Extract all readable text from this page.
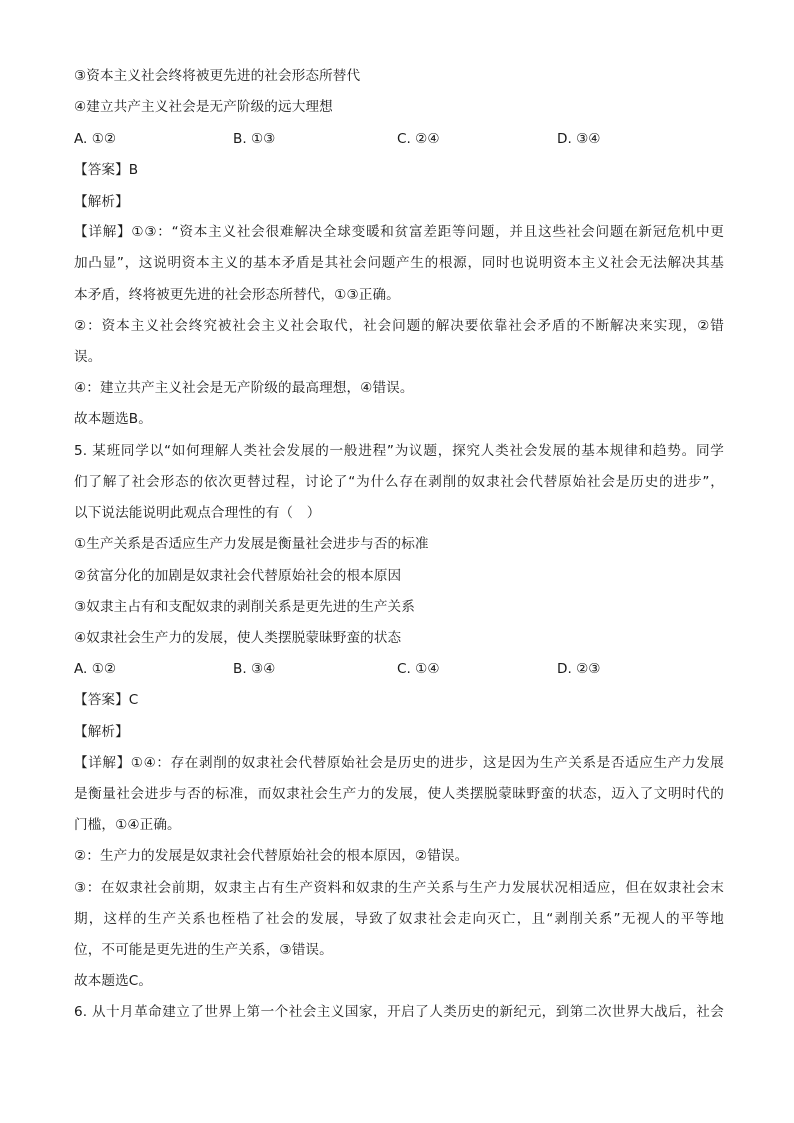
③资本主义社会终将被更先进的社会形态所替代
④建立共产主义社会是无产阶级的远大理想
A. ①②	B. ①③	C. ②④	D. ③④
【答案】B
【解析】
【详解】①③：“资本主义社会很难解决全球变暖和贫富差距等问题，并且这些社会问题在新冠危机中更
加凸显”，这说明资本主义的基本矛盾是其社会问题产生的根源，同时也说明资本主义社会无法解决其基
本矛盾，终将被更先进的社会形态所替代，①③正确。
②：资本主义社会终究被社会主义社会取代，社会问题的解决要依靠社会矛盾的不断解决来实现，②错
误。
④：建立共产主义社会是无产阶级的最高理想，④错误。
故本题选B。
5. 某班同学以“如何理解人类社会发展的一般进程”为议题，探究人类社会发展的基本规律和趋势。同学
们了解了社会形态的依次更替过程，讨论了“为什么存在剥削的奴隶社会代替原始社会是历史的进步”，
以下说法能说明此观点合理性的有（　）
①生产关系是否适应生产力发展是衡量社会进步与否的标准
②贫富分化的加剧是奴隶社会代替原始社会的根本原因
③奴隶主占有和支配奴隶的剥削关系是更先进的生产关系
④奴隶社会生产力的发展，使人类摆脱蒙昧野蛮的状态
A. ①②	B. ③④	C. ①④	D. ②③
【答案】C
【解析】
【详解】①④：存在剥削的奴隶社会代替原始社会是历史的进步，这是因为生产关系是否适应生产力发展
是衡量社会进步与否的标准，而奴隶社会生产力的发展，使人类摆脱蒙昧野蛮的状态，迈入了文明时代的
门槛，①④正确。
②：生产力的发展是奴隶社会代替原始社会的根本原因，②错误。
③：在奴隶社会前期，奴隶主占有生产资料和奴隶的生产关系与生产力发展状况相适应，但在奴隶社会末
期，这样的生产关系也桎梏了社会的发展，导致了奴隶社会走向灭亡，且“剥削关系”无视人的平等地
位，不可能是更先进的生产关系，③错误。
故本题选C。
6. 从十月革命建立了世界上第一个社会主义国家，开启了人类历史的新纪元，到第二次世界大战后，社会
